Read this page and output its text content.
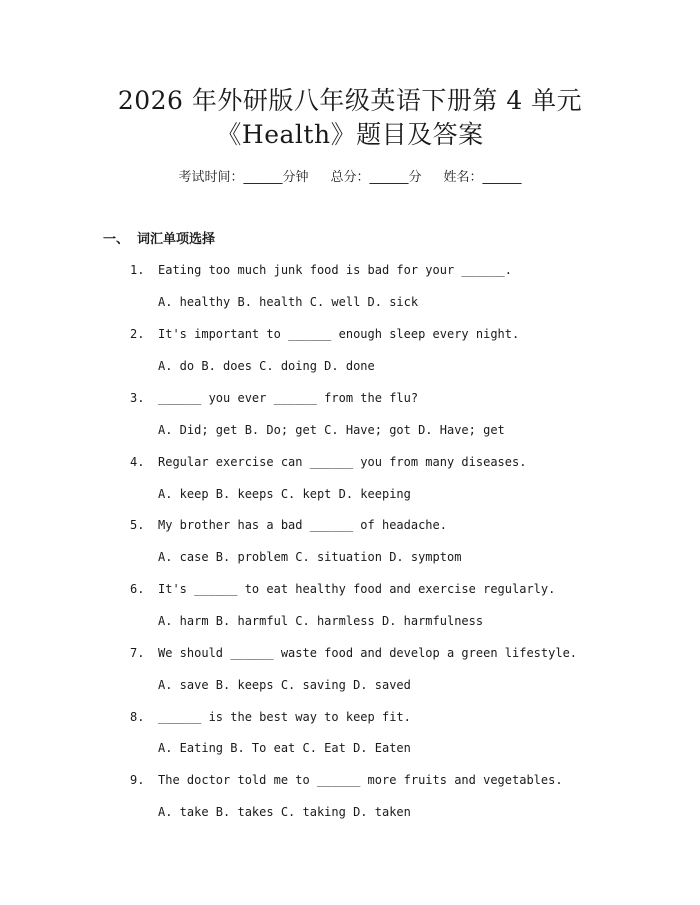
2026 年外研版八年级英语下册第 4 单元
《Health》题目及答案
考试时间：______分钟 总分：______分 姓名：______
一、 词汇单项选择
1. Eating too much junk food is bad for your ______.
A. healthy B. health C. well D. sick
2. It's important to ______ enough sleep every night.
A. do B. does C. doing D. done
3. ______ you ever ______ from the flu?
A. Did; get B. Do; get C. Have; got D. Have; get
4. Regular exercise can ______ you from many diseases.
A. keep B. keeps C. kept D. keeping
5. My brother has a bad ______ of headache.
A. case B. problem C. situation D. symptom
6. It's ______ to eat healthy food and exercise regularly.
A. harm B. harmful C. harmless D. harmfulness
7. We should ______ waste food and develop a green lifestyle.
A. save B. keeps C. saving D. saved
8. ______ is the best way to keep fit.
A. Eating B. To eat C. Eat D. Eaten
9. The doctor told me to ______ more fruits and vegetables.
A. take B. takes C. taking D. taken
